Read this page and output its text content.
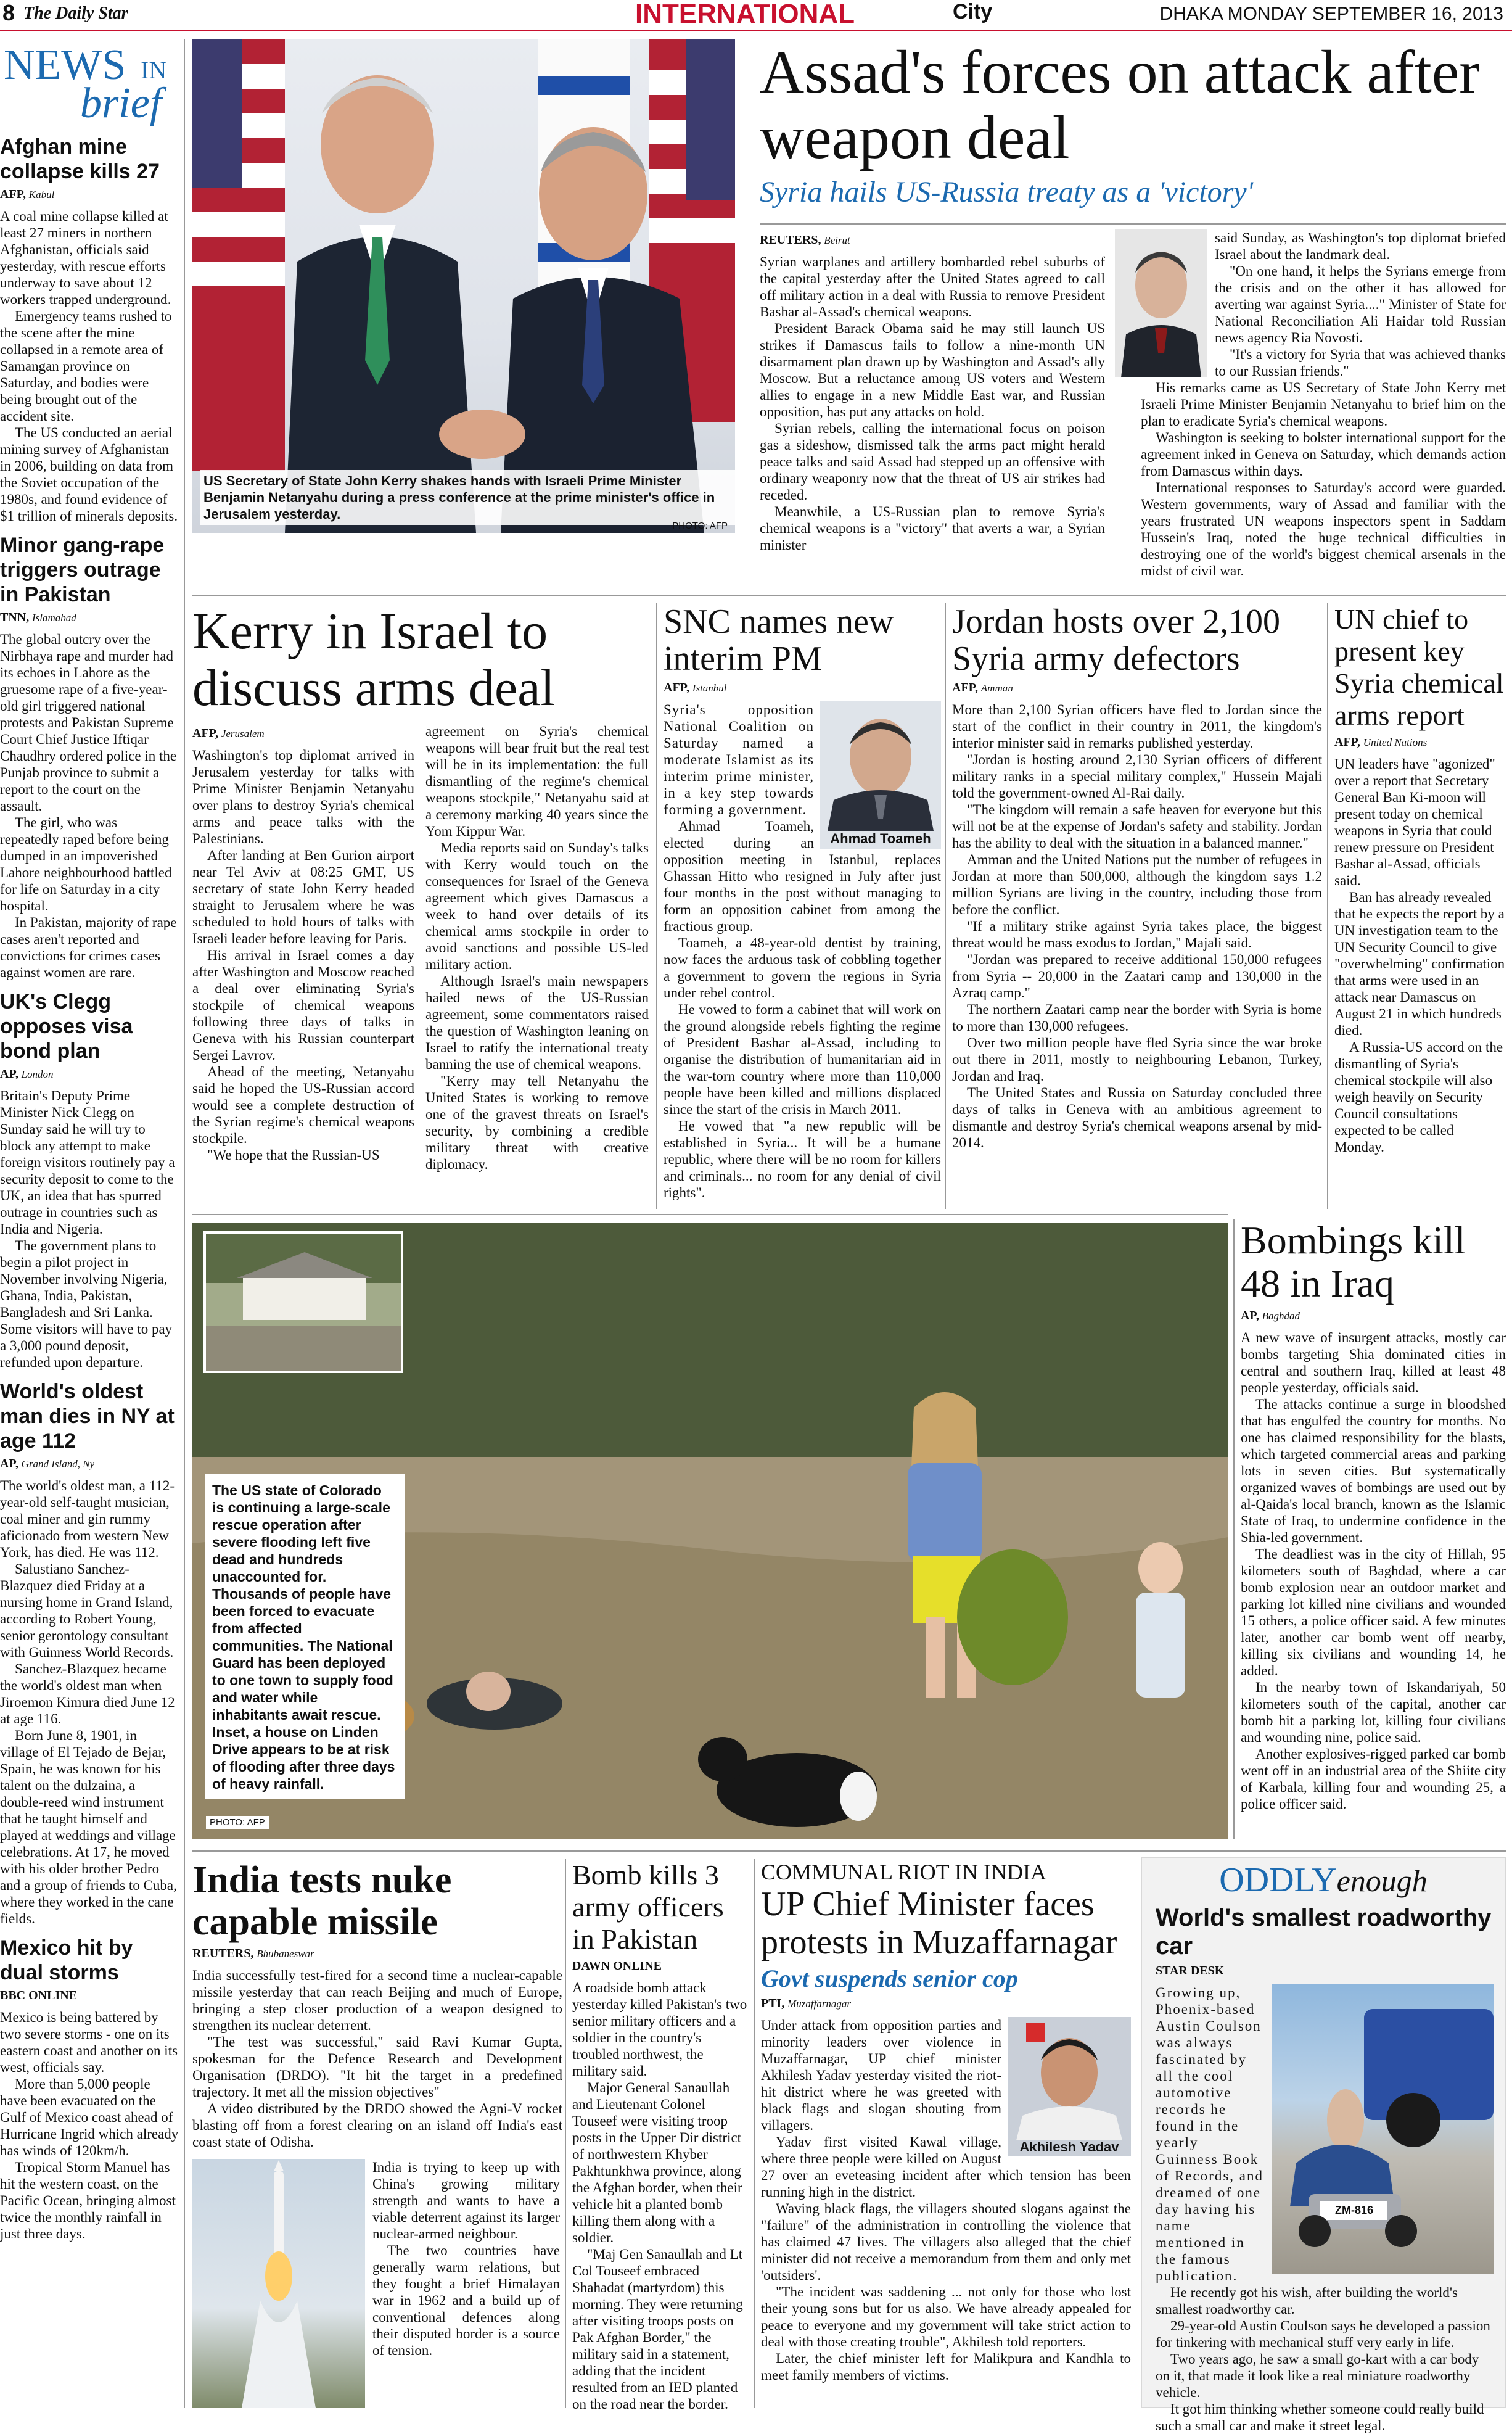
8 The Daily Star	INTERNATIONAL	City	DHAKA MONDAY SEPTEMBER 16, 2013
NEWS IN
brief
Afghan mine collapse kills 27
AFP, Kabul

A coal mine collapse killed at least 27 miners in northern Afghanistan, officials said yesterday, with rescue efforts underway to save about 12 workers trapped underground.

Emergency teams rushed to the scene after the mine collapsed in a remote area of Samangan province on Saturday, and bodies were being brought out of the accident site.

The US conducted an aerial mining survey of Afghanistan in 2006, building on data from the Soviet occupation of the 1980s, and found evidence of $1 trillion of minerals deposits.

Minor gang-rape triggers outrage in Pakistan
TNN, Islamabad

The global outcry over the Nirbhaya rape and murder had its echoes in Lahore as the gruesome rape of a five-year-old girl triggered national protests and Pakistan Supreme Court Chief Justice Iftiqar Chaudhry ordered police in the Punjab province to submit a report to the court on the assault.

The girl, who was repeatedly raped before being dumped in an impoverished Lahore neighbourhood battled for life on Saturday in a city hospital.

In Pakistan, majority of rape cases aren't reported and convictions for crimes cases against women are rare.

UK's Clegg opposes visa bond plan
AP, London

Britain's Deputy Prime Minister Nick Clegg on Sunday said he will try to block any attempt to make foreign visitors routinely pay a security deposit to come to the UK, an idea that has spurred outrage in countries such as India and Nigeria.

The government plans to begin a pilot project in November involving Nigeria, Ghana, India, Pakistan, Bangladesh and Sri Lanka. Some visitors will have to pay a 3,000 pound deposit, refunded upon departure.

World's oldest man dies in NY at age 112
AP, Grand Island, Ny

The world's oldest man, a 112-year-old self-taught musician, coal miner and gin rummy aficionado from western New York, has died. He was 112.

Salustiano Sanchez-Blazquez died Friday at a nursing home in Grand Island, according to Robert Young, senior gerontology consultant with Guinness World Records.

Sanchez-Blazquez became the world's oldest man when Jiroemon Kimura died June 12 at age 116.

Born June 8, 1901, in village of El Tejado de Bejar, Spain, he was known for his talent on the dulzaina, a double-reed wind instrument that he taught himself and played at weddings and village celebrations. At 17, he moved with his older brother Pedro and a group of friends to Cuba, where they worked in the cane fields.

Mexico hit by dual storms
BBC ONLINE

Mexico is being battered by two severe storms - one on its eastern coast and another on its west, officials say.

More than 5,000 people have been evacuated on the Gulf of Mexico coast ahead of Hurricane Ingrid which already has winds of 120km/h.

Tropical Storm Manuel has hit the western coast, on the Pacific Ocean, bringing almost twice the monthly rainfall in just three days.

US Secretary of State John Kerry shakes hands with Israeli Prime Minister Benjamin Netanyahu during a press conference at the prime minister's office in Jerusalem yesterday.
PHOTO: AFP
Assad's forces on attack after weapon deal
Syria hails US-Russia treaty as a 'victory'
REUTERS, Beirut

Syrian warplanes and artillery bombarded rebel suburbs of the capital yesterday after the United States agreed to call off military action in a deal with Russia to remove President Bashar al-Assad's chemical weapons.

President Barack Obama said he may still launch US strikes if Damascus fails to follow a nine-month UN disarmament plan drawn up by Washington and Assad's ally Moscow. But a reluctance among US voters and Western allies to engage in a new Middle East war, and Russian opposition, has put any attacks on hold.

Syrian rebels, calling the international focus on poison gas a sideshow, dismissed talk the arms pact might herald peace talks and said Assad had stepped up an offensive with ordinary weaponry now that the threat of US air strikes had receded.

Meanwhile, a US-Russian plan to remove Syria's chemical weapons is a "victory" that averts a war, a Syrian minister

said Sunday, as Washington's top diplomat briefed Israel about the landmark deal.

"On one hand, it helps the Syrians emerge from the crisis and on the other it has allowed for averting war against Syria...." Minister of State for National Reconciliation Ali Haidar told Russian news agency Ria Novosti.

"It's a victory for Syria that was achieved thanks to our Russian friends."

His remarks came as US Secretary of State John Kerry met Israeli Prime Minister Benjamin Netanyahu to brief him on the plan to eradicate Syria's chemical weapons.

Washington is seeking to bolster international support for the agreement inked in Geneva on Saturday, which demands action from Damascus within days.

International responses to Saturday's accord were guarded. Western governments, wary of Assad and familiar with the years frustrated UN weapons inspectors spent in Saddam Hussein's Iraq, noted the huge technical difficulties in destroying one of the world's biggest chemical arsenals in the midst of civil war.

Kerry in Israel to discuss arms deal
AFP, Jerusalem

Washington's top diplomat arrived in Jerusalem yesterday for talks with Prime Minister Benjamin Netanyahu over plans to destroy Syria's chemical arms and peace talks with the Palestinians.

After landing at Ben Gurion airport near Tel Aviv at 08:25 GMT, US secretary of state John Kerry headed straight to Jerusalem where he was scheduled to hold hours of talks with Israeli leader before leaving for Paris.

His arrival in Israel comes a day after Washington and Moscow reached a deal over eliminating Syria's stockpile of chemical weapons following three days of talks in Geneva with his Russian counterpart Sergei Lavrov.

Ahead of the meeting, Netanyahu said he hoped the US-Russian accord would see a complete destruction of the Syrian regime's chemical weapons stockpile.

"We hope that the Russian-US

agreement on Syria's chemical weapons will bear fruit but the real test will be in its implementation: the full dismantling of the regime's chemical weapons stockpile," Netanyahu said at a ceremony marking 40 years since the Yom Kippur War.

Media reports said on Sunday's talks with Kerry would touch on the consequences for Israel of the Geneva agreement which gives Damascus a week to hand over details of its chemical arms stockpile in order to avoid sanctions and possible US-led military action.

Although Israel's main newspapers hailed news of the US-Russian agreement, some commentators raised the question of Washington leaning on Israel to ratify the international treaty banning the use of chemical weapons.

"Kerry may tell Netanyahu the United States is working to remove one of the gravest threats on Israel's security, by combining a credible military threat with creative diplomacy.

SNC names new interim PM
AFP, Istanbul
Ahmad Toameh

Syria's opposition National Coalition on Saturday named a moderate Islamist as its interim prime minister, in a key step towards forming a government.

Ahmad Toameh, elected during an opposition meeting in Istanbul, replaces Ghassan Hitto who resigned in July after just four months in the post without managing to form an opposition cabinet from among the fractious group.

Toameh, a 48-year-old dentist by training, now faces the arduous task of cobbling together a government to govern the regions in Syria under rebel control.

He vowed to form a cabinet that will work on the ground alongside rebels fighting the regime of President Bashar al-Assad, including to organise the distribution of humanitarian aid in the war-torn country where more than 110,000 people have been killed and millions displaced since the start of the crisis in March 2011.

He vowed that "a new republic will be established in Syria... It will be a humane republic, where there will be no room for killers and criminals... no room for any denial of civil rights".

Jordan hosts over 2,100 Syria army defectors
AFP, Amman

More than 2,100 Syrian officers have fled to Jordan since the start of the conflict in their country in 2011, the kingdom's interior minister said in remarks published yesterday.

"Jordan is hosting around 2,130 Syrian officers of different military ranks in a special military complex," Hussein Majali told the government-owned Al-Rai daily.

"The kingdom will remain a safe heaven for everyone but this will not be at the expense of Jordan's safety and stability. Jordan has the ability to deal with the situation in a balanced manner."

Amman and the United Nations put the number of refugees in Jordan at more than 500,000, although the kingdom says 1.2 million Syrians are living in the country, including those from before the conflict.

"If a military strike against Syria takes place, the biggest threat would be mass exodus to Jordan," Majali said.

"Jordan was prepared to receive additional 150,000 refugees from Syria -- 20,000 in the Zaatari camp and 130,000 in the Azraq camp."

The northern Zaatari camp near the border with Syria is home to more than 130,000 refugees.

Over two million people have fled Syria since the war broke out there in 2011, mostly to neighbouring Lebanon, Turkey, Jordan and Iraq.

The United States and Russia on Saturday concluded three days of talks in Geneva with an ambitious agreement to dismantle and destroy Syria's chemical weapons arsenal by mid-2014.

UN chief to present key Syria chemical arms report
AFP, United Nations

UN leaders have "agonized" over a report that Secretary General Ban Ki-moon will present today on chemical weapons in Syria that could renew pressure on President Bashar al-Assad, officials said.

Ban has already revealed that he expects the report by a UN investigation team to the UN Security Council to give "overwhelming" confirmation that arms were used in an attack near Damascus on August 21 in which hundreds died.

A Russia-US accord on the dismantling of Syria's chemical stockpile will also weigh heavily on Security Council consultations expected to be called Monday.

The US state of Colorado is continuing a large-scale rescue operation after severe flooding left five dead and hundreds unaccounted for. Thousands of people have been forced to evacuate from affected communities. The National Guard has been deployed to one town to supply food and water while inhabitants await rescue. Inset, a house on Linden Drive appears to be at risk of flooding after three days of heavy rainfall.
PHOTO: AFP
Bombings kill 48 in Iraq
AP, Baghdad

A new wave of insurgent attacks, mostly car bombs targeting Shia dominated cities in central and southern Iraq, killed at least 48 people yesterday, officials said.

The attacks continue a surge in bloodshed that has engulfed the country for months. No one has claimed responsibility for the blasts, which targeted commercial areas and parking lots in seven cities. But systematically organized waves of bombings are used out by al-Qaida's local branch, known as the Islamic State of Iraq, to undermine confidence in the Shia-led government.

The deadliest was in the city of Hillah, 95 kilometers south of Baghdad, where a car bomb explosion near an outdoor market and parking lot killed nine civilians and wounded 15 others, a police officer said. A few minutes later, another car bomb went off nearby, killing six civilians and wounding 14, he added.

In the nearby town of Iskandariyah, 50 kilometers south of the capital, another car bomb hit a parking lot, killing four civilians and wounding nine, police said.

Another explosives-rigged parked car bomb went off in an industrial area of the Shiite city of Karbala, killing four and wounding 25, a police officer said.

India tests nuke capable missile
REUTERS, Bhubaneswar

India successfully test-fired for a second time a nuclear-capable missile yesterday that can reach Beijing and much of Europe, bringing a step closer production of a weapon designed to strengthen its nuclear deterrent.

"The test was successful," said Ravi Kumar Gupta, spokesman for the Defence Research and Development Organisation (DRDO). "It hit the target in a predefined trajectory. It met all the mission objectives"

A video distributed by the DRDO showed the Agni-V rocket blasting off from a forest clearing on an island off India's east coast state of Odisha.

India is trying to keep up with China's growing military strength and wants to have a viable deterrent against its larger nuclear-armed neighbour.

The two countries have generally warm relations, but they fought a brief Himalayan war in 1962 and a build up of conventional defences along their disputed border is a source of tension.

Bomb kills 3 army officers in Pakistan
DAWN ONLINE

A roadside bomb attack yesterday killed Pakistan's two senior military officers and a soldier in the country's troubled northwest, the military said.

Major General Sanaullah and Lieutenant Colonel Touseef were visiting troop posts in the Upper Dir district of northwestern Khyber Pakhtunkhwa province, along the Afghan border, when their vehicle hit a planted bomb killing them along with a soldier.

"Maj Gen Sanaullah and Lt Col Touseef embraced Shahadat (martyrdom) this morning. They were returning after visiting troops posts on Pak Afghan Border," the military said in a statement, adding that the incident resulted from an IED planted on the road near the border.

COMMUNAL RIOT IN INDIA
UP Chief Minister faces protests in Muzaffarnagar
Govt suspends senior cop
PTI, Muzaffarnagar
Akhilesh Yadav

Under attack from opposition parties and minority leaders over violence in Muzaffarnagar, UP chief minister Akhilesh Yadav yesterday visited the riot-hit district where he was greeted with black flags and slogan shouting from villagers.

Yadav first visited Kawal village, where three people were killed on August 27 over an eveteasing incident after which tension has been running high in the district.

Waving black flags, the villagers shouted slogans against the "failure" of the administration in controlling the violence that has claimed 47 lives. The villagers also alleged that the chief minister did not receive a memorandum from them and only met 'outsiders'.

"The incident was saddening ... not only for those who lost their young sons but for us also. We have already appealed for peace to everyone and my government will take strict action to deal with those creating trouble", Akhilesh told reporters.

Later, the chief minister left for Malikpura and Kandhla to meet family members of victims.

ODDLYenough
World's smallest roadworthy car
STAR DESK
ZM-816

Growing up, Phoenix-based Austin Coulson was always fascinated by all the cool automotive records he found in the yearly Guinness Book of Records, and dreamed of one day having his name mentioned in the famous publication.

He recently got his wish, after building the world's smallest roadworthy car.

29-year-old Austin Coulson says he developed a passion for tinkering with mechanical stuff very early in life.

Two years ago, he saw a small go-kart with a car body on it, that made it look like a real miniature roadworthy vehicle.

It got him thinking whether someone could really build such a small car and make it street legal.
